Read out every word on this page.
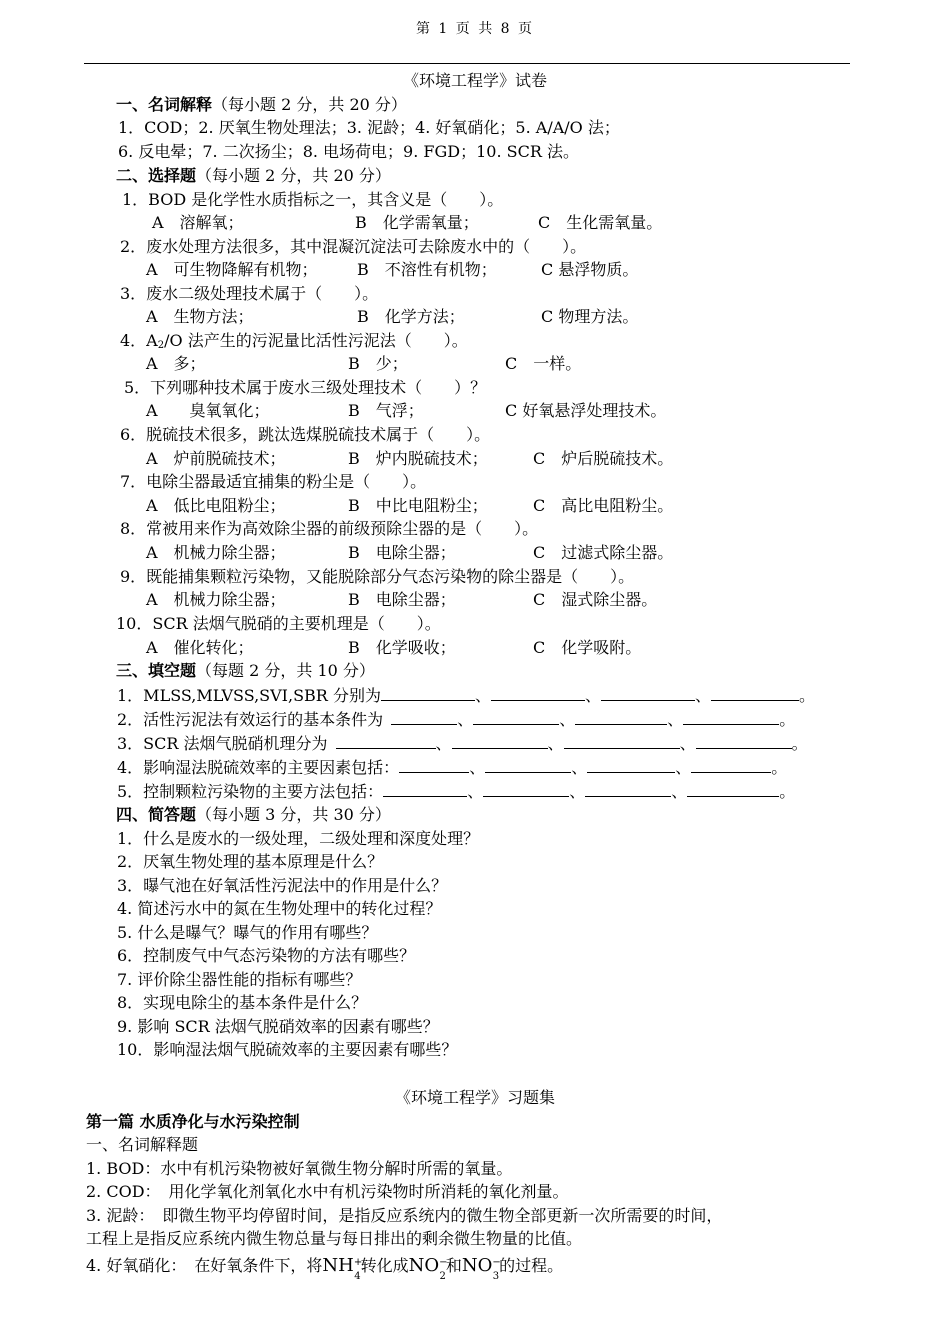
第 1 页 共 8 页
《环境工程学》试卷
一、名词解释（每小题 2 分，共 20 分）
1．COD；2. 厌氧生物处理法；3. 泥龄；4. 好氧硝化；5. A/A/O 法；
6. 反电晕；7. 二次扬尘；8. 电场荷电；9. FGD；10. SCR 法。
二、选择题（每小题 2 分，共 20 分）
1．BOD 是化学性水质指标之一，其含义是（　　）。
A　溶解氧；	B　化学需氧量；	C　生化需氧量。
2．废水处理方法很多，其中混凝沉淀法可去除废水中的（　　）。
A　可生物降解有机物； B　不溶性有机物；	C 悬浮物质。
3．废水二级处理技术属于（　　）。
A　生物方法；	B　化学方法；	C 物理方法。
4．$A_2/O$ 法产生的污泥量比活性污泥法（　　）。
A　多；	B　少；	C　一样。
5．下列哪种技术属于废水三级处理技术（　　）？
A　　臭氧氧化；	B　气浮；	C 好氧悬浮处理技术。
6．脱硫技术很多，跳汰选煤脱硫技术属于（　　）。
A　炉前脱硫技术；	B　炉内脱硫技术；	C　炉后脱硫技术。
7．电除尘器最适宜捕集的粉尘是（　　）。
A　低比电阻粉尘；	B　中比电阻粉尘；	C　高比电阻粉尘。
8．常被用来作为高效除尘器的前级预除尘器的是（　　）。
A　机械力除尘器；	B　电除尘器；	C　过滤式除尘器。
9．既能捕集颗粒污染物，又能脱除部分气态污染物的除尘器是（　　）。
A　机械力除尘器；	B　电除尘器；	C　湿式除尘器。
10．SCR 法烟气脱硝的主要机理是（　　）。
A　催化转化；	B　化学吸收；	C　化学吸附。
三、填空题（每题 2 分，共 10 分）
1．MLSS,MLVSS,SVI,SBR 分别为	、	、	、	。
2．活性污泥法有效运行的基本条件为	、	、	、	。
3．SCR 法烟气脱硝机理分为	、	、	、	。
4．影响湿法脱硫效率的主要因素包括：	、	、	、	。
5．控制颗粒污染物的主要方法包括：	、	、	、	。
四、简答题（每小题 3 分，共 30 分）
1．什么是废水的一级处理，二级处理和深度处理？
2．厌氧生物处理的基本原理是什么？
3．曝气池在好氧活性污泥法中的作用是什么？
4. 简述污水中的氮在生物处理中的转化过程？
5. 什么是曝气？曝气的作用有哪些？
6．控制废气中气态污染物的方法有哪些？
7. 评价除尘器性能的指标有哪些？
8．实现电除尘的基本条件是什么？
9. 影响 SCR 法烟气脱硝效率的因素有哪些？
10．影响湿法烟气脱硫效率的主要因素有哪些？
《环境工程学》习题集
第一篇 水质净化与水污染控制
一、名词解释题
1. BOD：水中有机污染物被好氧微生物分解时所需的氧量。
2. COD：　用化学氧化剂氧化水中有机污染物时所消耗的氧化剂量。
3. 泥龄：　即微生物平均停留时间，是指反应系统内的微生物全部更新一次所需要的时间，
工程上是指反应系统内微生物总量与每日排出的剩余微生物量的比值。
4. 好氧硝化：　在好氧条件下，将$NH^+_4$转化成$NO^-_2$和$NO^-_3$的过程。
